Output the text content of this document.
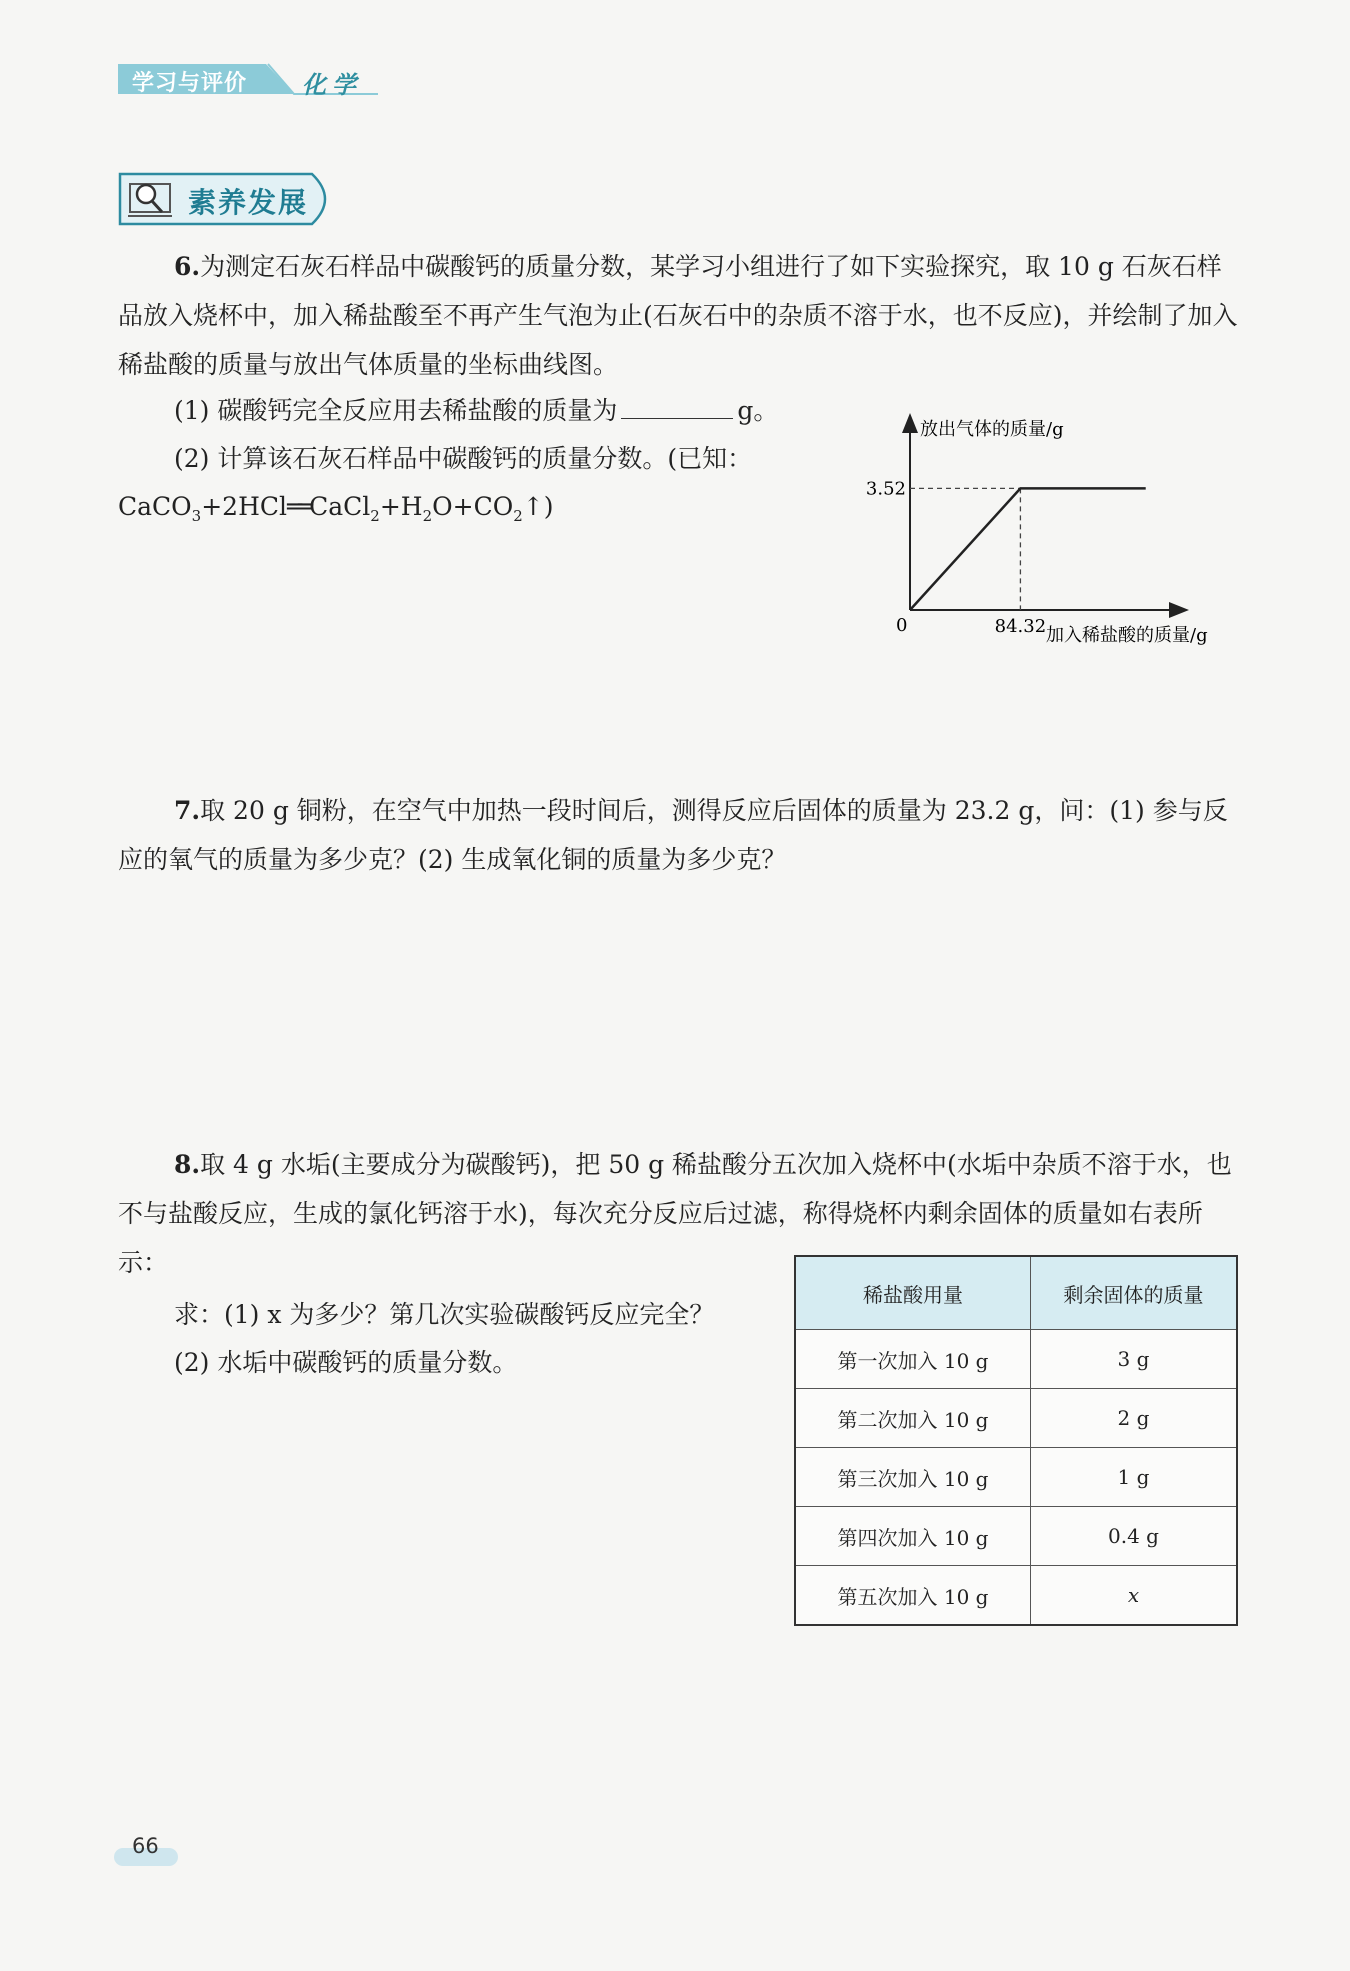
学习与评价 化学
素养发展

6.为测定石灰石样品中碳酸钙的质量分数，某学习小组进行了如下实验探究，取 10 g 石灰石样品放入烧杯中，加入稀盐酸至不再产生气泡为止(石灰石中的杂质不溶于水，也不反应)，并绘制了加入稀盐酸的质量与放出气体质量的坐标曲线图。

(1) 碳酸钙完全反应用去稀盐酸的质量为	g。

(2) 计算该石灰石样品中碳酸钙的质量分数。(已知：

$CaCO_3+2HCl══CaCl_2+H_2O+CO_2↑$)

放出气体的质量/g
加入稀盐酸的质量/g
0
3.52
84.32

7.取 20 g 铜粉，在空气中加热一段时间后，测得反应后固体的质量为 23.2 g，问：(1) 参与反应的氧气的质量为多少克？(2) 生成氧化铜的质量为多少克？

8.取 4 g 水垢(主要成分为碳酸钙)，把 50 g 稀盐酸分五次加入烧杯中(水垢中杂质不溶于水，也不与盐酸反应，生成的氯化钙溶于水)，每次充分反应后过滤，称得烧杯内剩余固体的质量如右表所示：

求：(1) x 为多少？第几次实验碳酸钙反应完全？

(2) 水垢中碳酸钙的质量分数。

稀盐酸用量	剩余固体的质量
第一次加入 10 g	3 g
第二次加入 10 g	2 g
第三次加入 10 g	1 g
第四次加入 10 g	0.4 g
第五次加入 10 g	x
66
